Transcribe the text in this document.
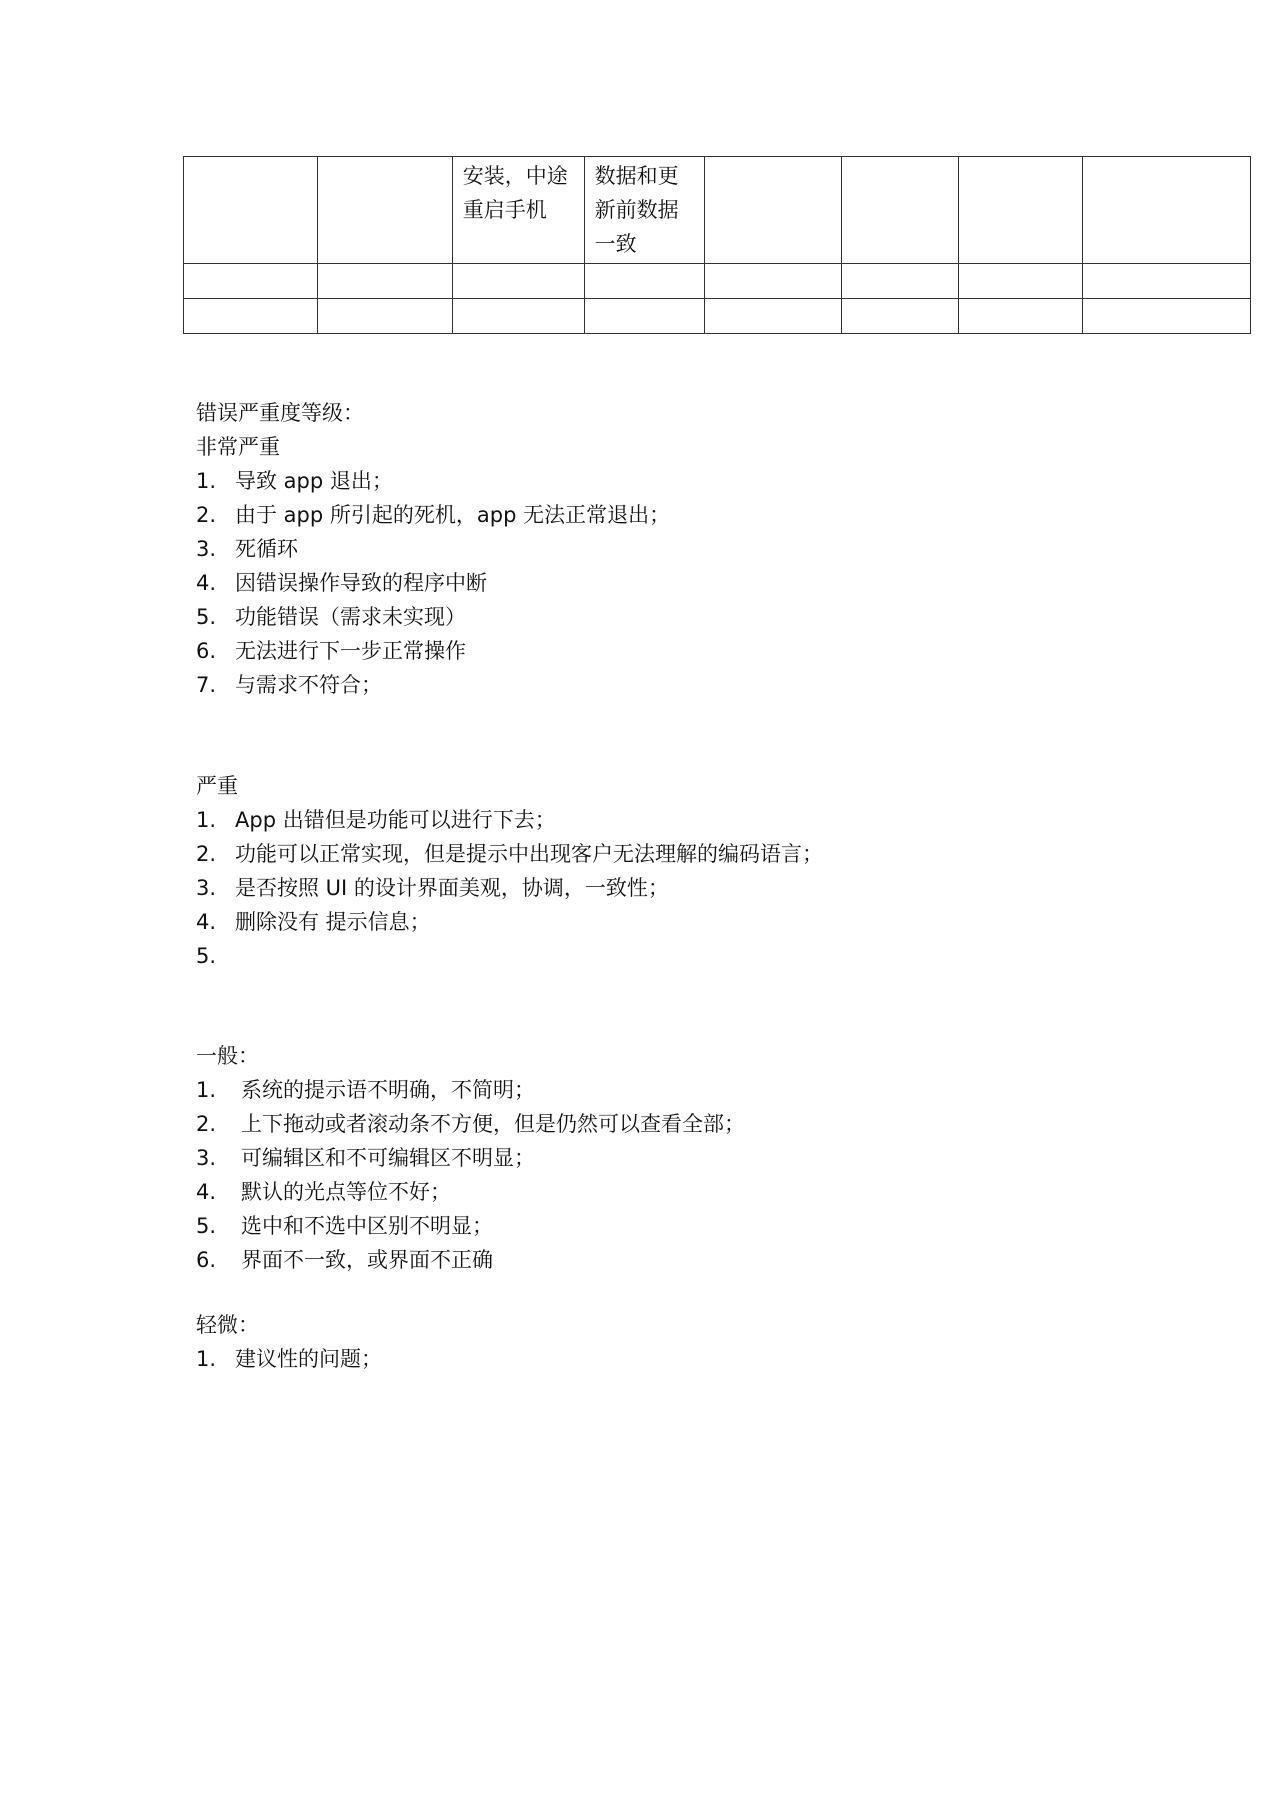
		安装，中途重启手机	数据和更新前数据一致				

错误严重度等级：
非常严重
1. 导致 app 退出；
2. 由于 app 所引起的死机，app 无法正常退出；
3. 死循环
4. 因错误操作导致的程序中断
5. 功能错误（需求未实现）
6. 无法进行下一步正常操作
7. 与需求不符合；
严重
1. App 出错但是功能可以进行下去；
2. 功能可以正常实现，但是提示中出现客户无法理解的编码语言；
3. 是否按照 UI 的设计界面美观，协调，一致性；
4. 删除没有 提示信息；
5.
一般：
1. 系统的提示语不明确，不简明；
2. 上下拖动或者滚动条不方便，但是仍然可以查看全部；
3. 可编辑区和不可编辑区不明显；
4. 默认的光点等位不好；
5. 选中和不选中区别不明显；
6. 界面不一致，或界面不正确
轻微：
1. 建议性的问题；
